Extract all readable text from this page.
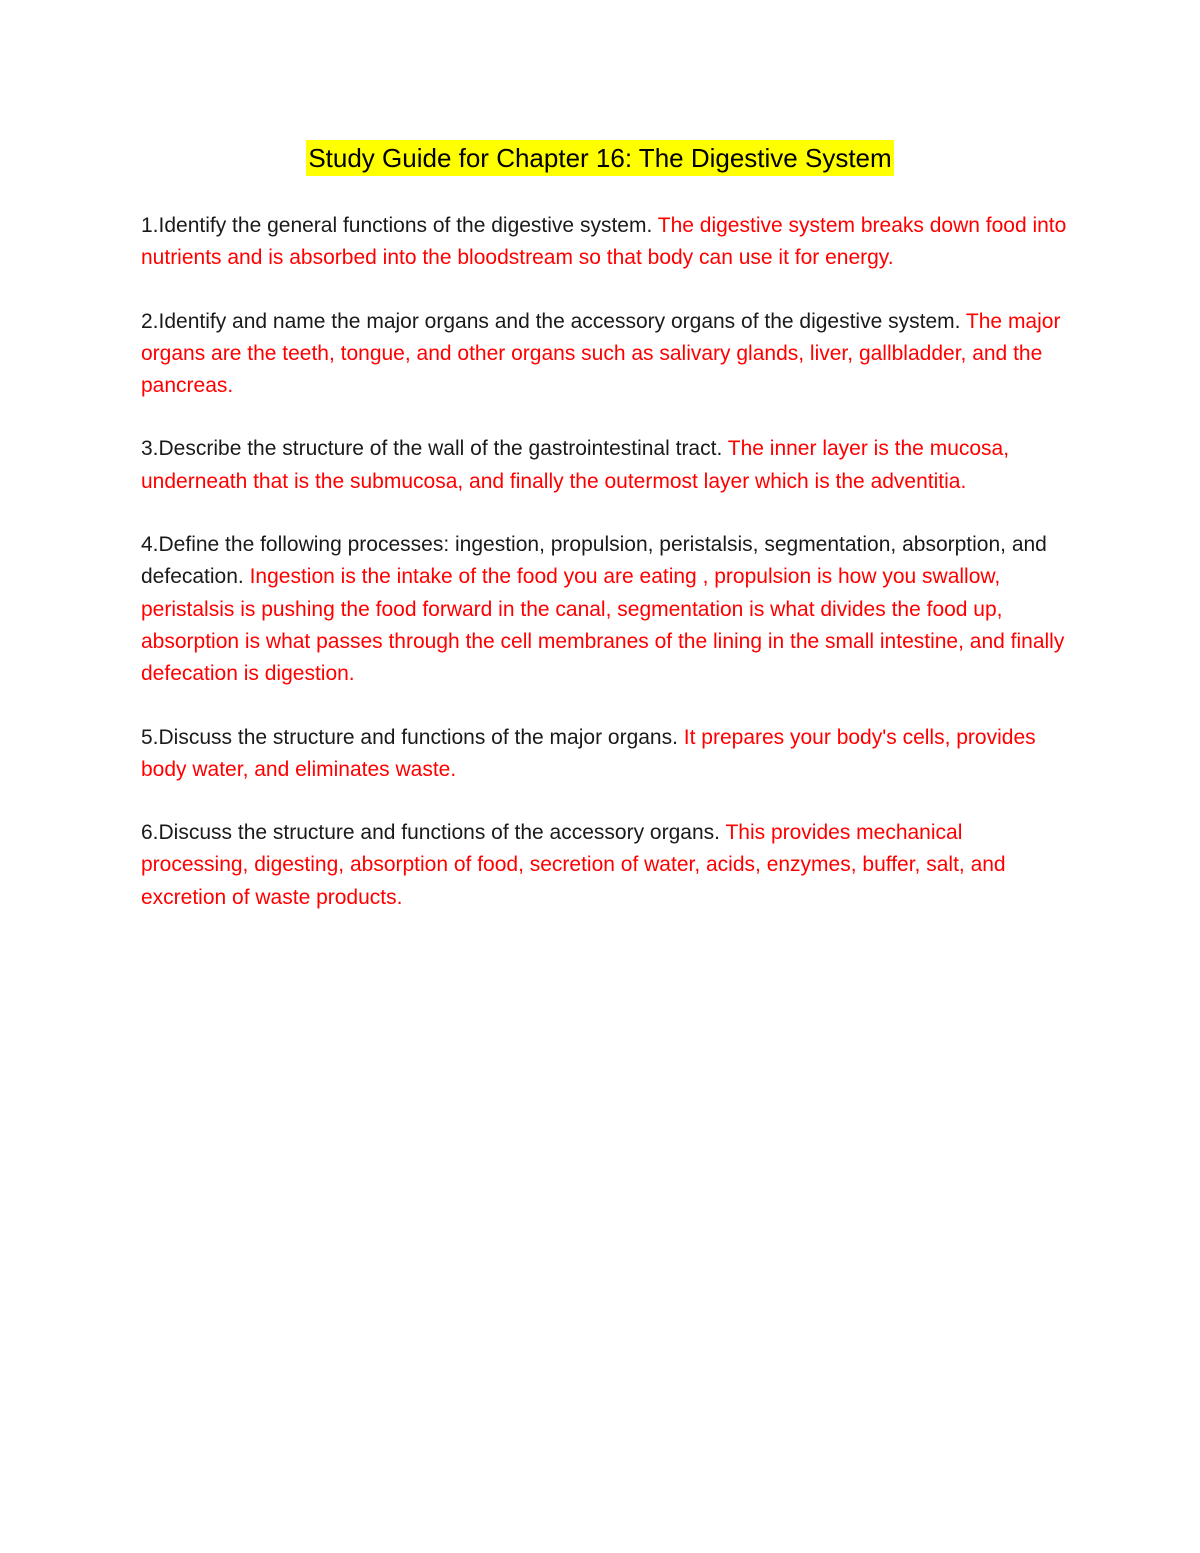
Study Guide for Chapter 16: The Digestive System

1.Identify the general functions of the digestive system. The digestive system breaks down food into nutrients and is absorbed into the bloodstream so that body can use it for energy.

2.Identify and name the major organs and the accessory organs of the digestive system. The major organs are the teeth, tongue, and other organs such as salivary glands, liver, gallbladder, and the pancreas.

3.Describe the structure of the wall of the gastrointestinal tract. The inner layer is the mucosa, underneath that is the submucosa, and finally the outermost layer which is the adventitia.

4.Define the following processes: ingestion, propulsion, peristalsis, segmentation, absorption, and defecation. Ingestion is the intake of the food you are eating , propulsion is how you swallow, peristalsis is pushing the food forward in the canal, segmentation is what divides the food up, absorption is what passes through the cell membranes of the lining in the small intestine, and finally defecation is digestion.

5.Discuss the structure and functions of the major organs. It prepares your body's cells, provides body water, and eliminates waste.

6.Discuss the structure and functions of the accessory organs. This provides mechanical processing, digesting, absorption of food, secretion of water, acids, enzymes, buffer, salt, and excretion of waste products.
